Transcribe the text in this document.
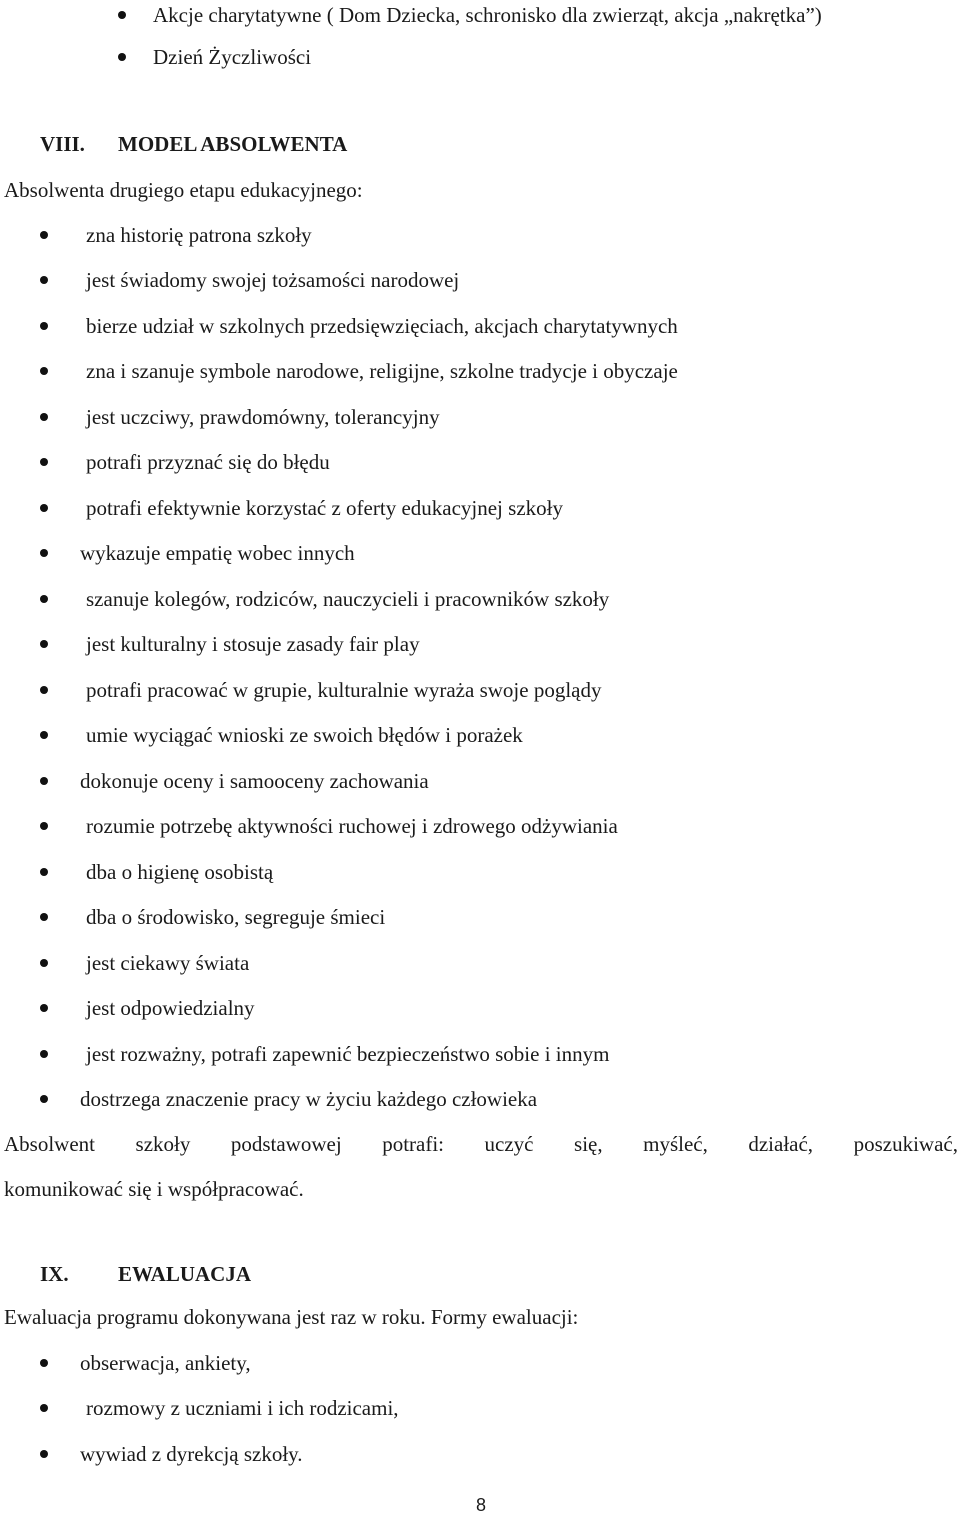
Akcje charytatywne ( Dom Dziecka, schronisko dla zwierząt, akcja „nakrętka”)
Dzień Życzliwości
VIII. MODEL ABSOLWENTA
Absolwenta drugiego etapu edukacyjnego:
zna historię patrona szkoły
jest świadomy swojej tożsamości narodowej
bierze udział w szkolnych przedsięwzięciach, akcjach charytatywnych
zna i szanuje symbole narodowe, religijne, szkolne tradycje i obyczaje
jest uczciwy, prawdomówny, tolerancyjny
potrafi przyznać się do błędu
potrafi efektywnie korzystać z oferty edukacyjnej szkoły
wykazuje empatię wobec innych
szanuje kolegów, rodziców, nauczycieli i pracowników szkoły
jest kulturalny i stosuje zasady fair play
potrafi pracować w grupie, kulturalnie wyraża swoje poglądy
umie wyciągać wnioski ze swoich błędów i porażek
dokonuje oceny i samooceny zachowania
rozumie potrzebę aktywności ruchowej i zdrowego odżywiania
dba o higienę osobistą
dba o środowisko, segreguje śmieci
jest ciekawy świata
jest odpowiedzialny
jest rozważny, potrafi zapewnić bezpieczeństwo sobie i innym
dostrzega znaczenie pracy w życiu każdego człowieka
Absolwent szkoły podstawowej potrafi: uczyć się, myśleć, działać, poszukiwać,
komunikować się i współpracować.
IX. EWALUACJA
Ewaluacja programu dokonywana jest raz w roku. Formy ewaluacji:
obserwacja, ankiety,
rozmowy z uczniami i ich rodzicami,
wywiad z dyrekcją szkoły.
8
